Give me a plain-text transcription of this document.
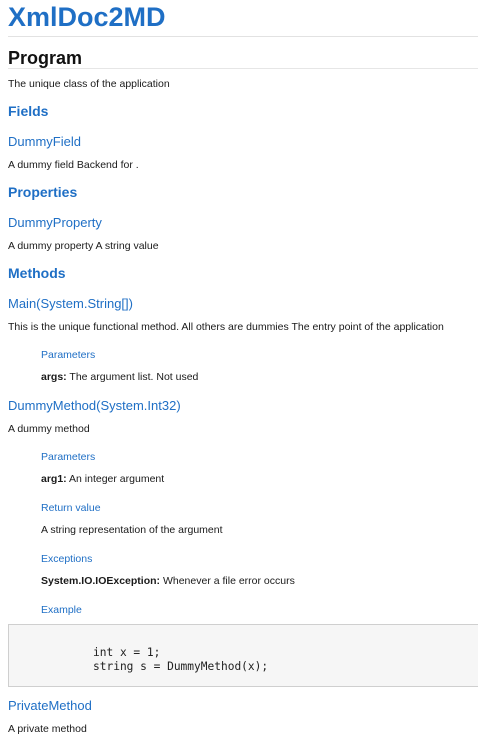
XmlDoc2MD
Program
The unique class of the application
Fields
DummyField
A dummy field Backend for .
Properties
DummyProperty
A dummy property A string value
Methods
Main(System.String[])
This is the unique functional method. All others are dummies The entry point of the application
Parameters
args: The argument list. Not used
DummyMethod(System.Int32)
A dummy method
Parameters
arg1: An integer argument
Return value
A string representation of the argument
Exceptions
System.IO.IOException: Whenever a file error occurs
Example
int x = 1;
string s = DummyMethod(x);
PrivateMethod
A private method
